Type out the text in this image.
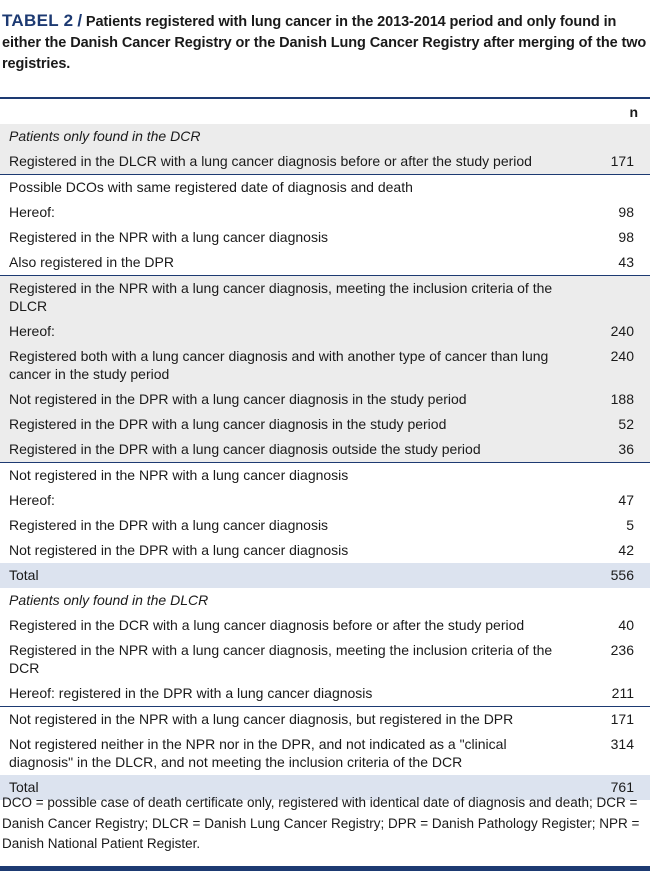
TABEL 2 / Patients registered with lung cancer in the 2013-2014 period and only found in either the Danish Cancer Registry or the Danish Lung Cancer Registry after merging of the two registries.
n
Patients only found in the DCR	
Registered in the DLCR with a lung cancer diagnosis before or after the study period	171
Possible DCOs with same registered date of diagnosis and death	
Hereof:	98
Registered in the NPR with a lung cancer diagnosis	98
Also registered in the DPR	43
Registered in the NPR with a lung cancer diagnosis, meeting the inclusion criteria of the DLCR	
Hereof:	240
Registered both with a lung cancer diagnosis and with another type of cancer than lung cancer in the study period	240
Not registered in the DPR with a lung cancer diagnosis in the study period	188
Registered in the DPR with a lung cancer diagnosis in the study period	52
Registered in the DPR with a lung cancer diagnosis outside the study period	36
Not registered in the NPR with a lung cancer diagnosis	
Hereof:	47
Registered in the DPR with a lung cancer diagnosis	5
Not registered in the DPR with a lung cancer diagnosis	42
Total	556
Patients only found in the DLCR	
Registered in the DCR with a lung cancer diagnosis before or after the study period	40
Registered in the NPR with a lung cancer diagnosis, meeting the inclusion criteria of the DCR	236
Hereof: registered in the DPR with a lung cancer diagnosis	211
Not registered in the NPR with a lung cancer diagnosis, but registered in the DPR	171
Not registered neither in the NPR nor in the DPR, and not indicated as a "clinical diagnosis" in the DLCR, and not meeting the inclusion criteria of the DCR	314
Total	761
DCO = possible case of death certificate only, registered with identical date of diagnosis and death; DCR = Danish Cancer Registry; DLCR = Danish Lung Cancer Registry; DPR = Danish Pathology Register; NPR = Danish National Patient Register.
